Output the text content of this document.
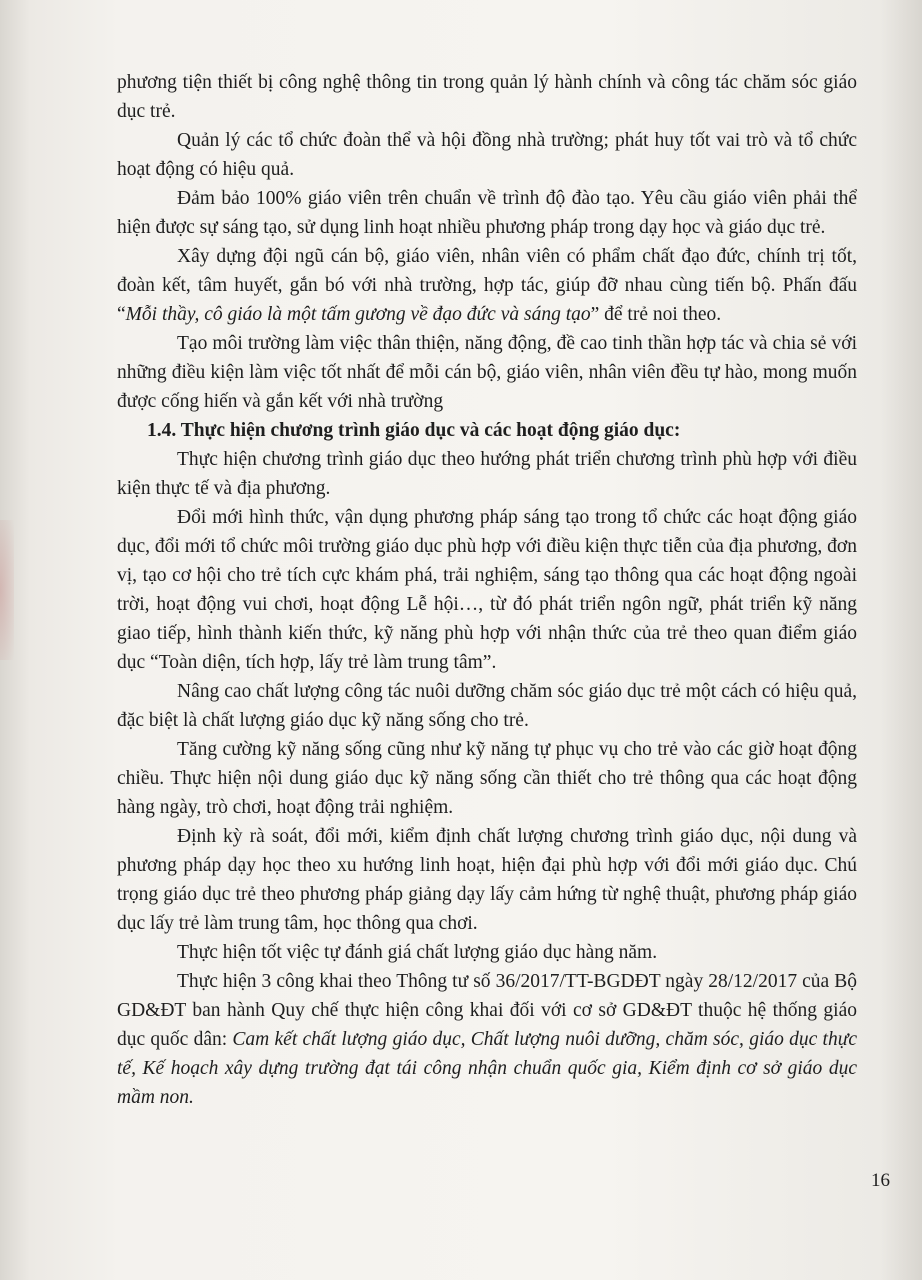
phương tiện thiết bị công nghệ thông tin trong quản lý hành chính và công tác chăm sóc giáo dục trẻ.

Quản lý các tổ chức đoàn thể và hội đồng nhà trường; phát huy tốt vai trò và tổ chức hoạt động có hiệu quả.

Đảm bảo 100% giáo viên trên chuẩn về trình độ đào tạo. Yêu cầu giáo viên phải thể hiện được sự sáng tạo, sử dụng linh hoạt nhiều phương pháp trong dạy học và giáo dục trẻ.

Xây dựng đội ngũ cán bộ, giáo viên, nhân viên có phẩm chất đạo đức, chính trị tốt, đoàn kết, tâm huyết, gắn bó với nhà trường, hợp tác, giúp đỡ nhau cùng tiến bộ. Phấn đấu “Mỗi thầy, cô giáo là một tấm gương về đạo đức và sáng tạo” để trẻ noi theo.

Tạo môi trường làm việc thân thiện, năng động, đề cao tinh thần hợp tác và chia sẻ với những điều kiện làm việc tốt nhất để mỗi cán bộ, giáo viên, nhân viên đều tự hào, mong muốn được cống hiến và gắn kết với nhà trường

1.4. Thực hiện chương trình giáo dục và các hoạt động giáo dục:

Thực hiện chương trình giáo dục theo hướng phát triển chương trình phù hợp với điều kiện thực tế và địa phương.

Đổi mới hình thức, vận dụng phương pháp sáng tạo trong tổ chức các hoạt động giáo dục, đổi mới tổ chức môi trường giáo dục phù hợp với điều kiện thực tiễn của địa phương, đơn vị, tạo cơ hội cho trẻ tích cực khám phá, trải nghiệm, sáng tạo thông qua các hoạt động ngoài trời, hoạt động vui chơi, hoạt động Lễ hội…, từ đó phát triển ngôn ngữ, phát triển kỹ năng giao tiếp, hình thành kiến thức, kỹ năng phù hợp với nhận thức của trẻ theo quan điểm giáo dục “Toàn diện, tích hợp, lấy trẻ làm trung tâm”.

Nâng cao chất lượng công tác nuôi dưỡng chăm sóc giáo dục trẻ một cách có hiệu quả, đặc biệt là chất lượng giáo dục kỹ năng sống cho trẻ.

Tăng cường kỹ năng sống cũng như kỹ năng tự phục vụ cho trẻ vào các giờ hoạt động chiều. Thực hiện nội dung giáo dục kỹ năng sống cần thiết cho trẻ thông qua các hoạt động hàng ngày, trò chơi, hoạt động trải nghiệm.

Định kỳ rà soát, đổi mới, kiểm định chất lượng chương trình giáo dục, nội dung và phương pháp dạy học theo xu hướng linh hoạt, hiện đại phù hợp với đổi mới giáo dục. Chú trọng giáo dục trẻ theo phương pháp giảng dạy lấy cảm hứng từ nghệ thuật, phương pháp giáo dục lấy trẻ làm trung tâm, học thông qua chơi.

Thực hiện tốt việc tự đánh giá chất lượng giáo dục hàng năm.

Thực hiện 3 công khai theo Thông tư số 36/2017/TT-BGDĐT ngày 28/12/2017 của Bộ GD&ĐT ban hành Quy chế thực hiện công khai đối với cơ sở GD&ĐT thuộc hệ thống giáo dục quốc dân: Cam kết chất lượng giáo dục, Chất lượng nuôi dưỡng, chăm sóc, giáo dục thực tế, Kế hoạch xây dựng trường đạt tái công nhận chuẩn quốc gia, Kiểm định cơ sở giáo dục mầm non.

16
